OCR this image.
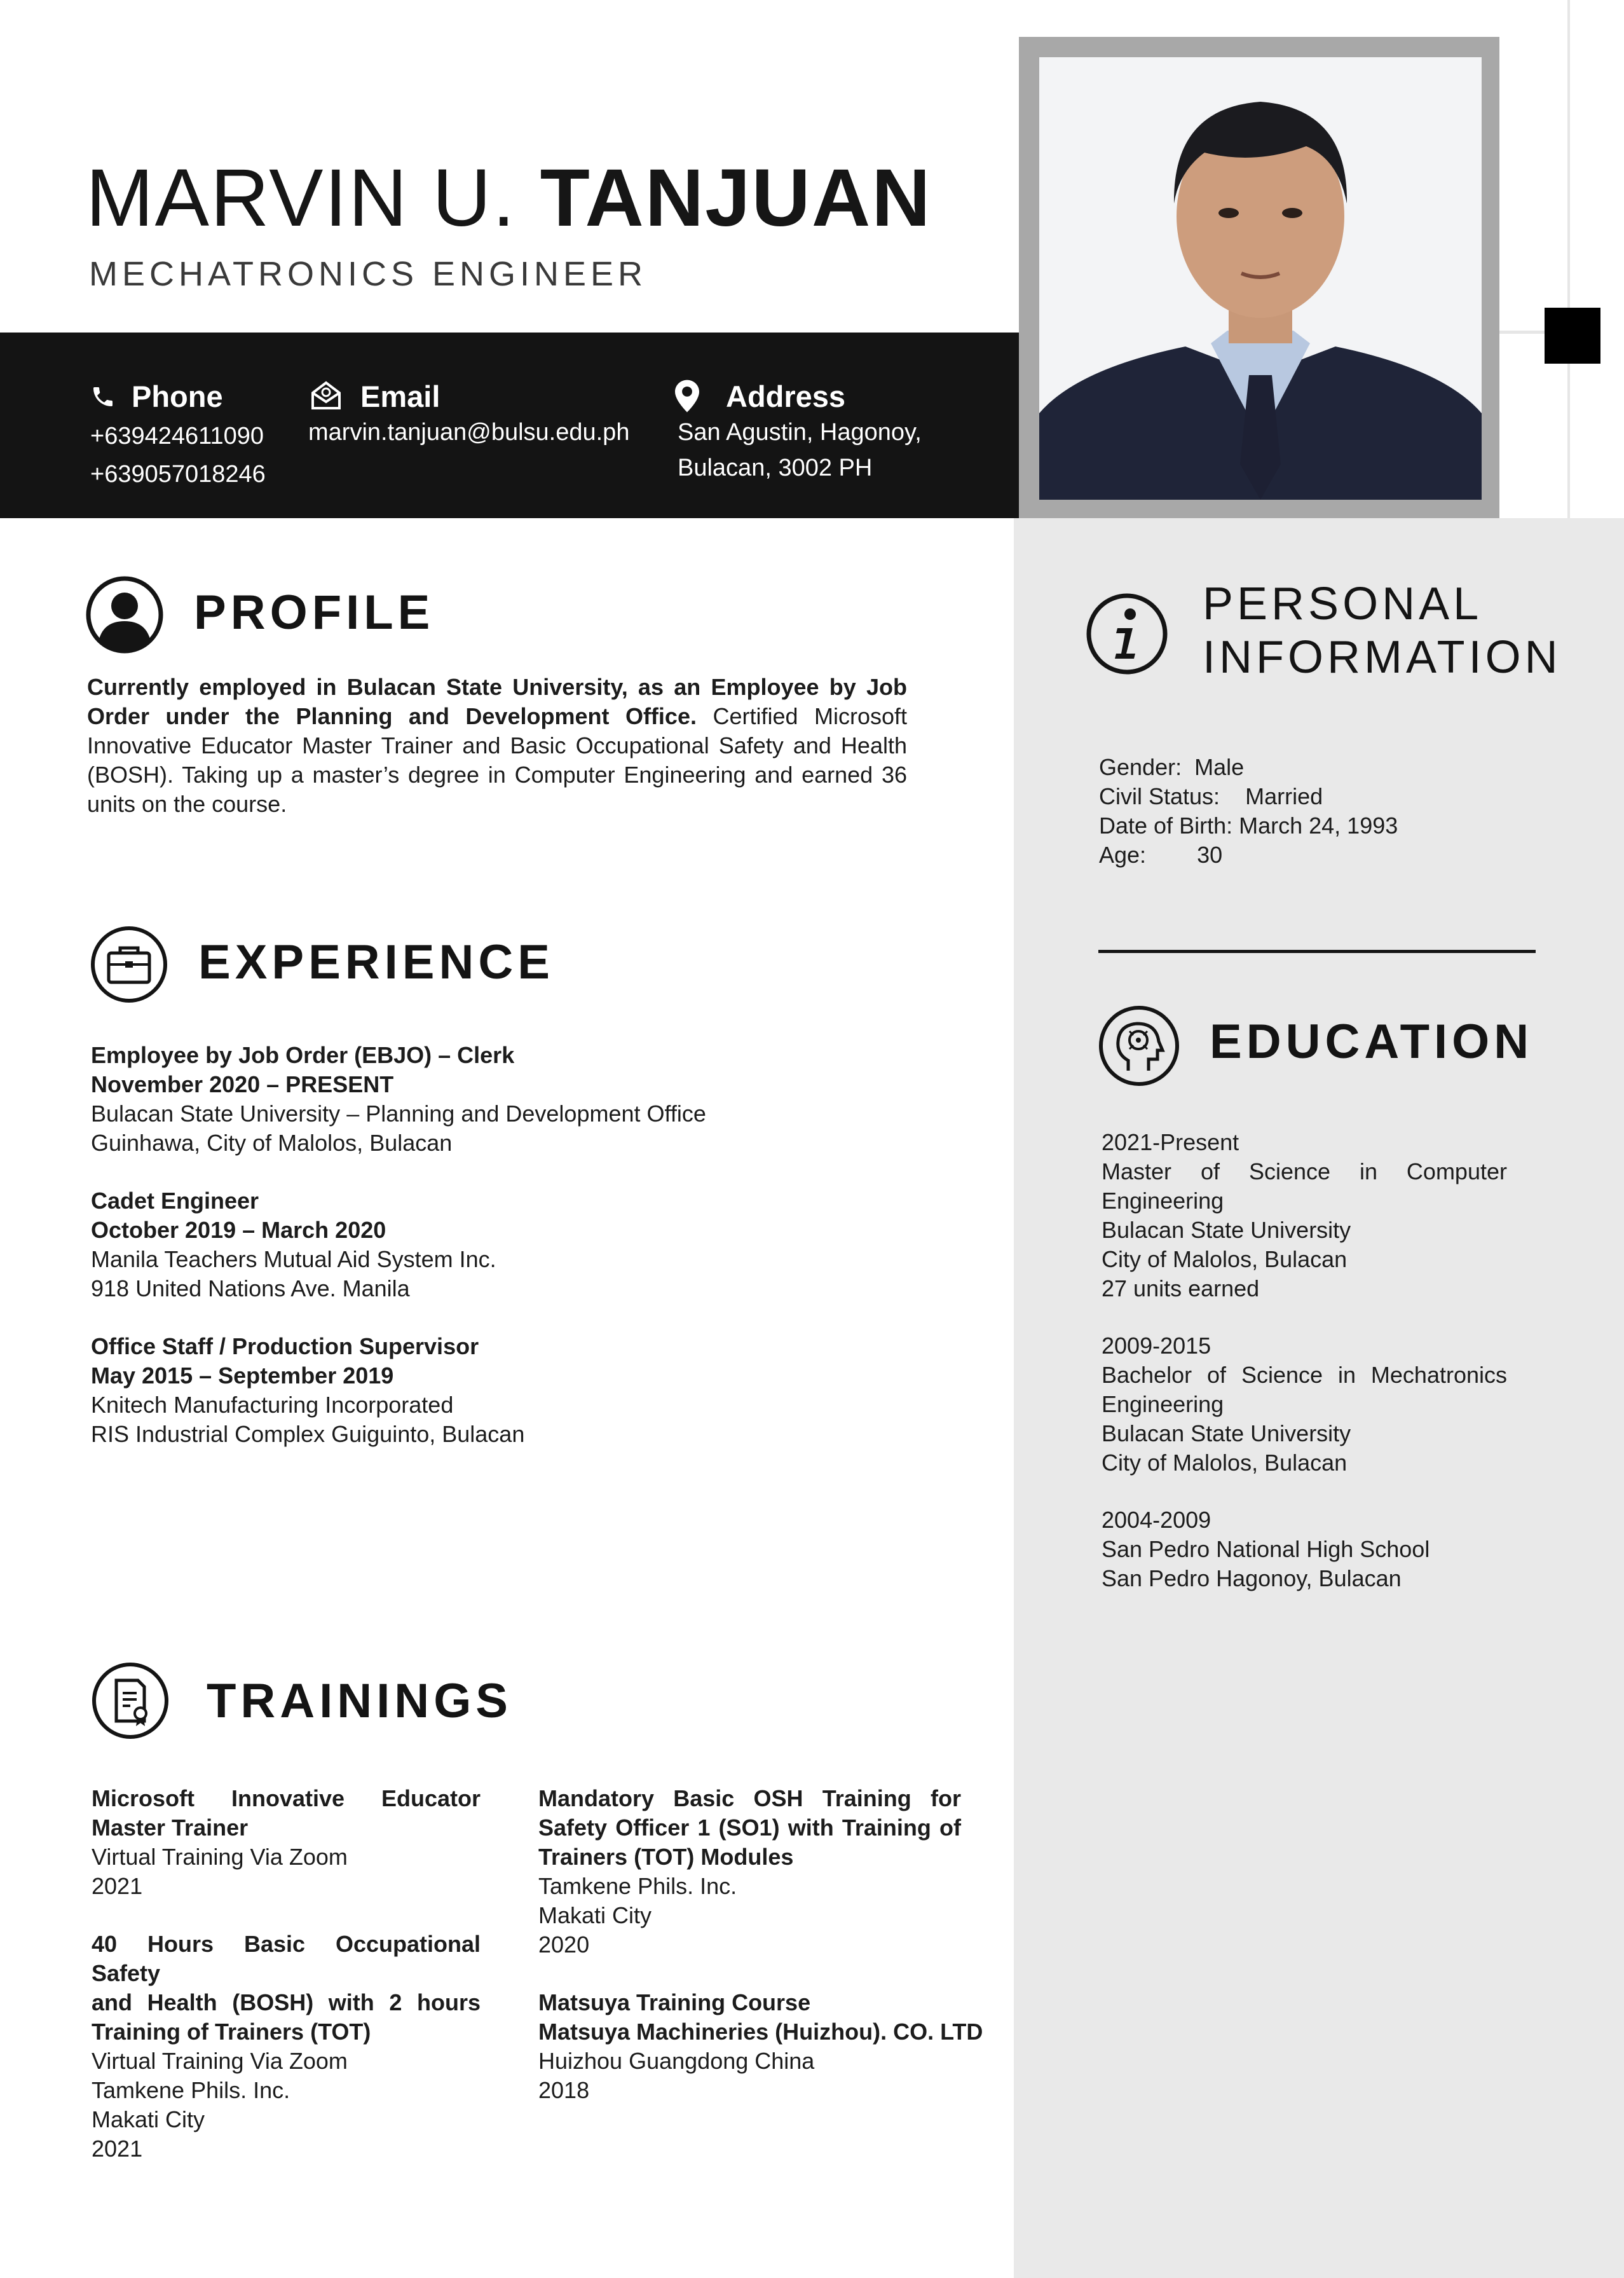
MARVIN U. TANJUAN
MECHATRONICS ENGINEER
Phone
+639424611090
+639057018246
Email
marvin.tanjuan@bulsu.edu.ph
Address
San Agustin, Hagonoy,
Bulacan, 3002 PH
PROFILE
Currently employed in Bulacan State University, as an Employee by Job Order under the Planning and Development Office. Certified Microsoft Innovative Educator Master Trainer and Basic Occupational Safety and Health (BOSH). Taking up a master’s degree in Computer Engineering and earned 36 units on the course.
EXPERIENCE
Employee by Job Order (EBJO) – Clerk
November 2020 – PRESENT
Bulacan State University – Planning and Development Office
Guinhawa, City of Malolos, Bulacan
Cadet Engineer
October 2019 – March 2020
Manila Teachers Mutual Aid System Inc.
918 United Nations Ave. Manila
Office Staff / Production Supervisor
May 2015 – September 2019
Knitech Manufacturing Incorporated
RIS Industrial Complex Guiguinto, Bulacan
TRAININGS
Microsoft Innovative Educator
Master Trainer
Virtual Training Via Zoom
2021
40 Hours Basic Occupational Safety
and Health (BOSH) with 2 hours
Training of Trainers (TOT)
Virtual Training Via Zoom
Tamkene Phils. Inc.
Makati City
2021
Mandatory Basic OSH Training for
Safety Officer 1 (SO1) with Training of
Trainers (TOT) Modules
Tamkene Phils. Inc.
Makati City
2020
Matsuya Training Course
Matsuya Machineries (Huizhou). CO. LTD
Huizhou Guangdong China
2018
PERSONAL
INFORMATION
Gender: Male
Civil Status: Married
Date of Birth: March 24, 1993
Age: 30
EDUCATION
2021-Present
Master of Science in Computer
Engineering
Bulacan State University
City of Malolos, Bulacan
27 units earned
2009-2015
Bachelor of Science in Mechatronics
Engineering
Bulacan State University
City of Malolos, Bulacan
2004-2009
San Pedro National High School
San Pedro Hagonoy, Bulacan
